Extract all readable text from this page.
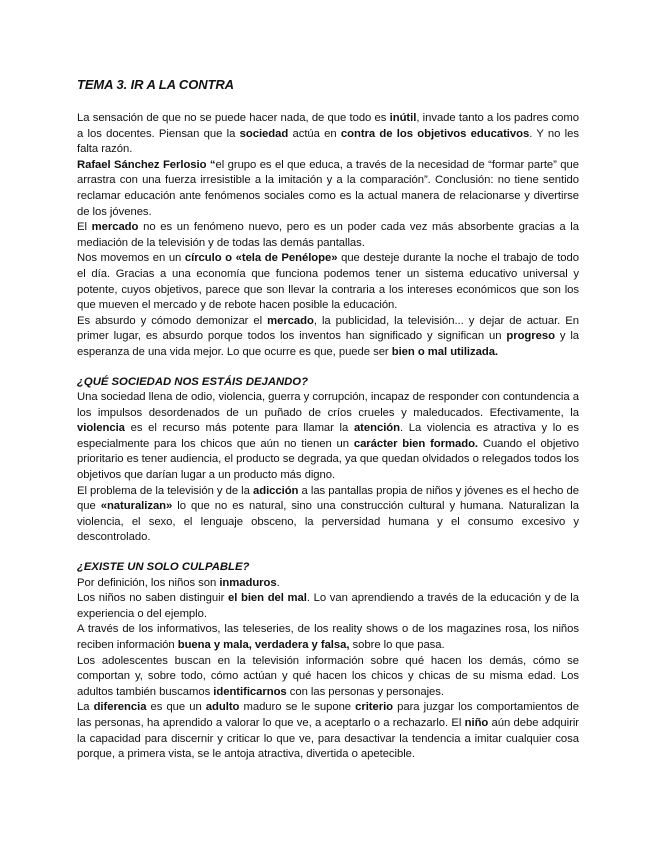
TEMA 3. IR A LA CONTRA

La sensación de que no se puede hacer nada, de que todo es inútil, invade tanto a los padres como a los docentes. Piensan que la sociedad actúa en contra de los objetivos educativos. Y no les falta razón.

Rafael Sánchez Ferlosio “el grupo es el que educa, a través de la necesidad de “formar parte” que arrastra con una fuerza irresistible a la imitación y a la comparación”. Conclusión: no tiene sentido reclamar educación ante fenómenos sociales como es la actual manera de relacionarse y divertirse de los jóvenes.

El mercado no es un fenómeno nuevo, pero es un poder cada vez más absorbente gracias a la mediación de la televisión y de todas las demás pantallas.

Nos movemos en un círculo o «tela de Penélope» que desteje durante la noche el trabajo de todo el día. Gracias a una economía que funciona podemos tener un sistema educativo universal y potente, cuyos objetivos, parece que son llevar la contraria a los intereses económicos que son los que mueven el mercado y de rebote hacen posible la educación.

Es absurdo y cómodo demonizar el mercado, la publicidad, la televisión... y dejar de actuar. En primer lugar, es absurdo porque todos los inventos han significado y significan un progreso y la esperanza de una vida mejor. Lo que ocurre es que, puede ser bien o mal utilizada.

¿QUÉ SOCIEDAD NOS ESTÁIS DEJANDO?

Una sociedad llena de odio, violencia, guerra y corrupción, incapaz de responder con contundencia a los impulsos desordenados de un puñado de críos crueles y maleducados. Efectivamente, la violencia es el recurso más potente para llamar la atención. La violencia es atractiva y lo es especialmente para los chicos que aún no tienen un carácter bien formado. Cuando el objetivo prioritario es tener audiencia, el producto se degrada, ya que quedan olvidados o relegados todos los objetivos que darían lugar a un producto más digno.

El problema de la televisión y de la adicción a las pantallas propia de niños y jóvenes es el hecho de que «naturalizan» lo que no es natural, sino una construcción cultural y humana. Naturalizan la violencia, el sexo, el lenguaje obsceno, la perversidad humana y el consumo excesivo y descontrolado.

¿EXISTE UN SOLO CULPABLE?

Por definición, los niños son inmaduros.

Los niños no saben distinguir el bien del mal. Lo van aprendiendo a través de la educación y de la experiencia o del ejemplo.

A través de los informativos, las teleseries, de los reality shows o de los magazines rosa, los niños reciben información buena y mala, verdadera y falsa, sobre lo que pasa.

Los adolescentes buscan en la televisión información sobre qué hacen los demás, cómo se comportan y, sobre todo, cómo actúan y qué hacen los chicos y chicas de su misma edad. Los adultos también buscamos identificarnos con las personas y personajes.

La diferencia es que un adulto maduro se le supone criterio para juzgar los comportamientos de las personas, ha aprendido a valorar lo que ve, a aceptarlo o a rechazarlo. El niño aún debe adquirir la capacidad para discernir y criticar lo que ve, para desactivar la tendencia a imitar cualquier cosa porque, a primera vista, se le antoja atractiva, divertida o apetecible.
